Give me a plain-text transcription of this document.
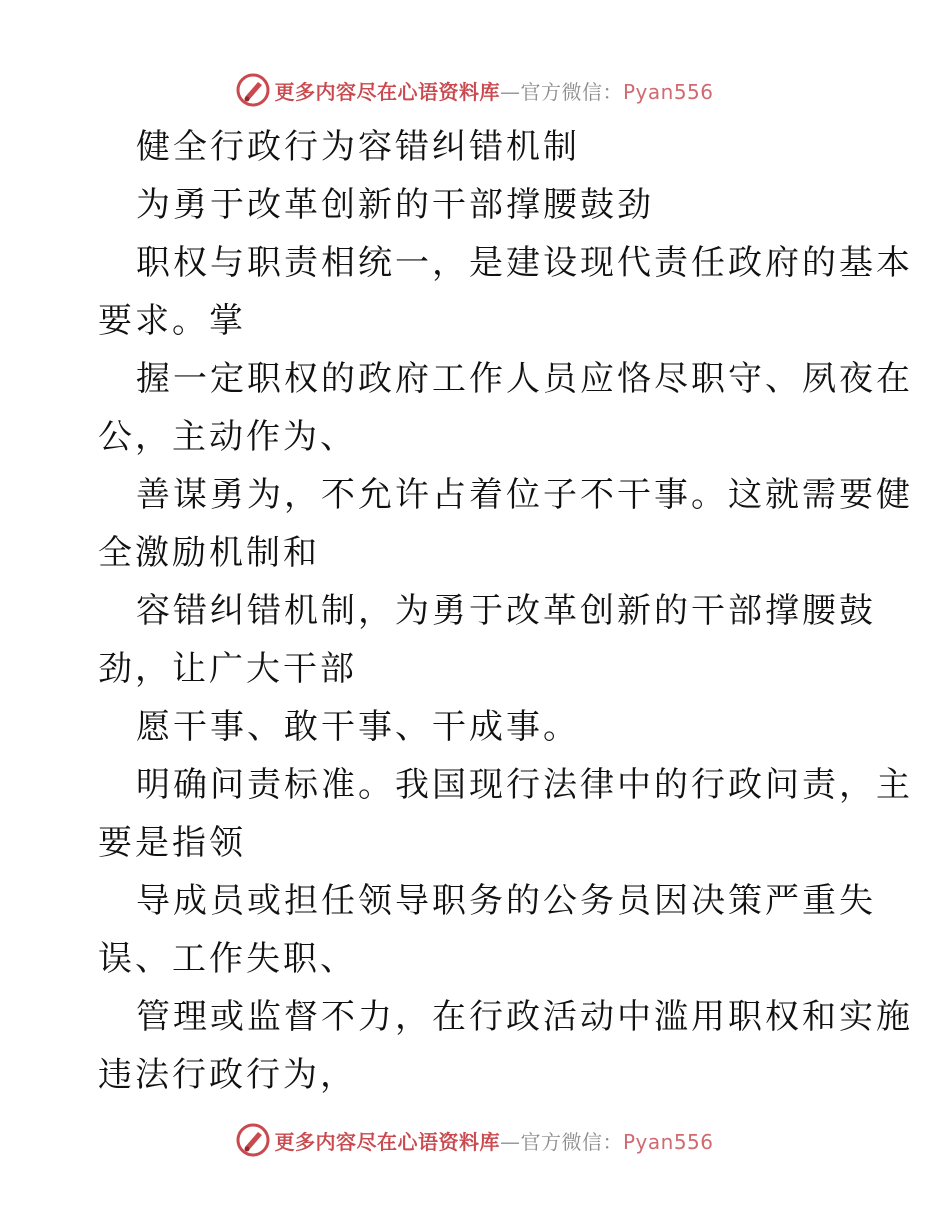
更多内容尽在心语资料库—官方微信：Pyan556
健全行政行为容错纠错机制
为勇于改革创新的干部撑腰鼓劲
职权与职责相统一，是建设现代责任政府的基本
要求。掌
握一定职权的政府工作人员应恪尽职守、夙夜在
公，主动作为、
善谋勇为，不允许占着位子不干事。这就需要健
全激励机制和
容错纠错机制，为勇于改革创新的干部撑腰鼓
劲，让广大干部
愿干事、敢干事、干成事。
明确问责标准。我国现行法律中的行政问责，主
要是指领
导成员或担任领导职务的公务员因决策严重失
误、工作失职、
管理或监督不力，在行政活动中滥用职权和实施
违法行政行为，
更多内容尽在心语资料库—官方微信：Pyan556
